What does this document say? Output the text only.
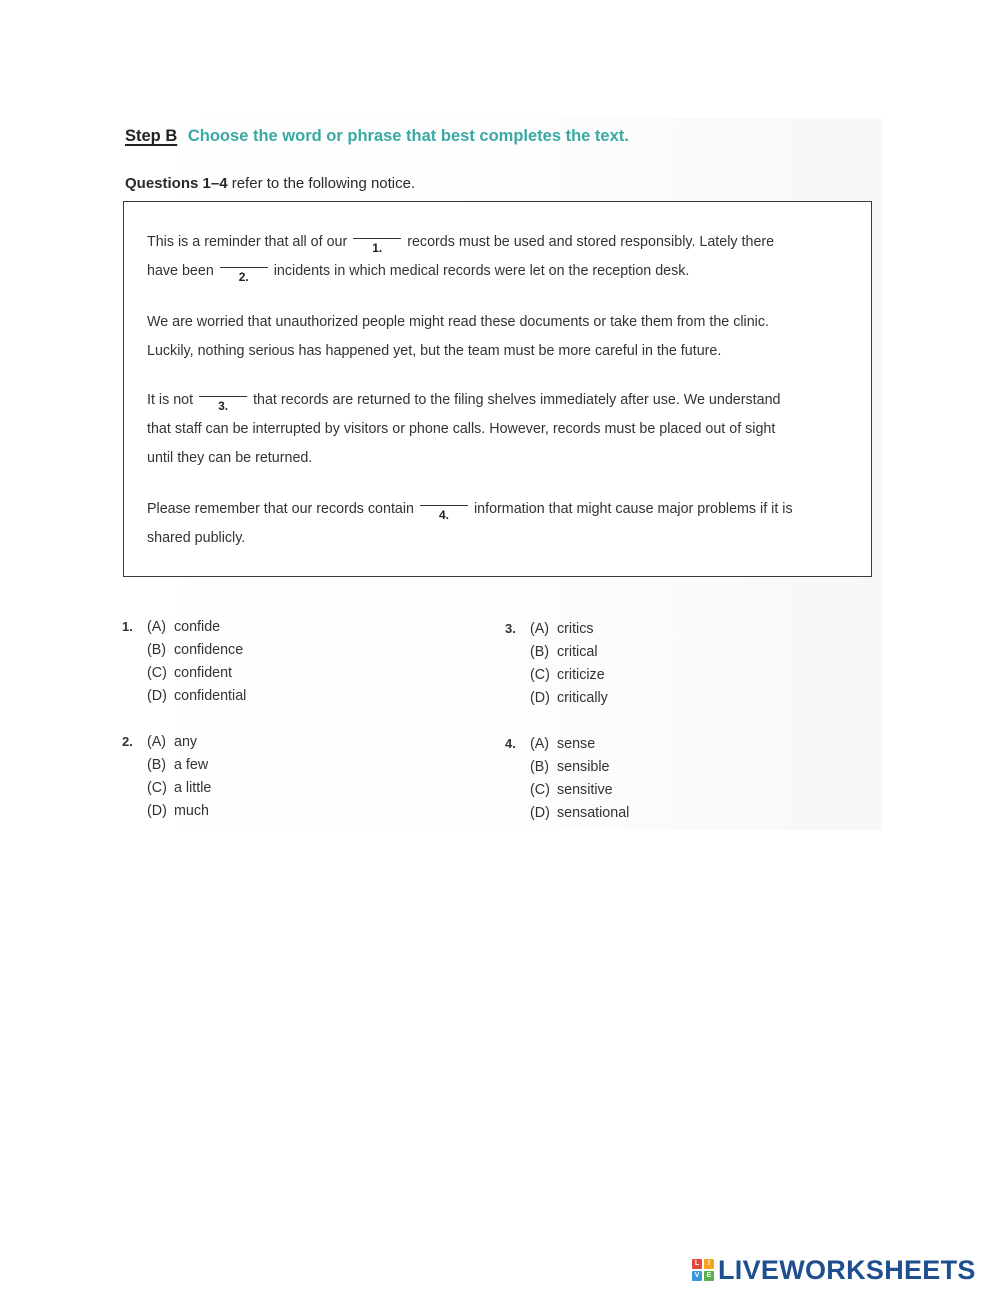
Step B Choose the word or phrase that best completes the text.
Questions 1–4 refer to the following notice.
This is a reminder that all of our	1.	records must be used and stored responsibly. Lately there
have been	2.	incidents in which medical records were let on the reception desk.
We are worried that unauthorized people might read these documents or take them from the clinic.
Luckily, nothing serious has happened yet, but the team must be more careful in the future.
It is not	3.	that records are returned to the filing shelves immediately after use. We understand
that staff can be interrupted by visitors or phone calls. However, records must be placed out of sight
until they can be returned.
Please remember that our records contain	4.	information that might cause major problems if it is
shared publicly.
1. (A) confide
(B) confidence
(C) confident
(D) confidential
2. (A) any
(B) a few
(C) a little
(D) much
3. (A) critics
(B) critical
(C) criticize
(D) critically
4. (A) sense
(B) sensible
(C) sensitive
(D) sensational
L	I
V	E LIVEWORKSHEETS
